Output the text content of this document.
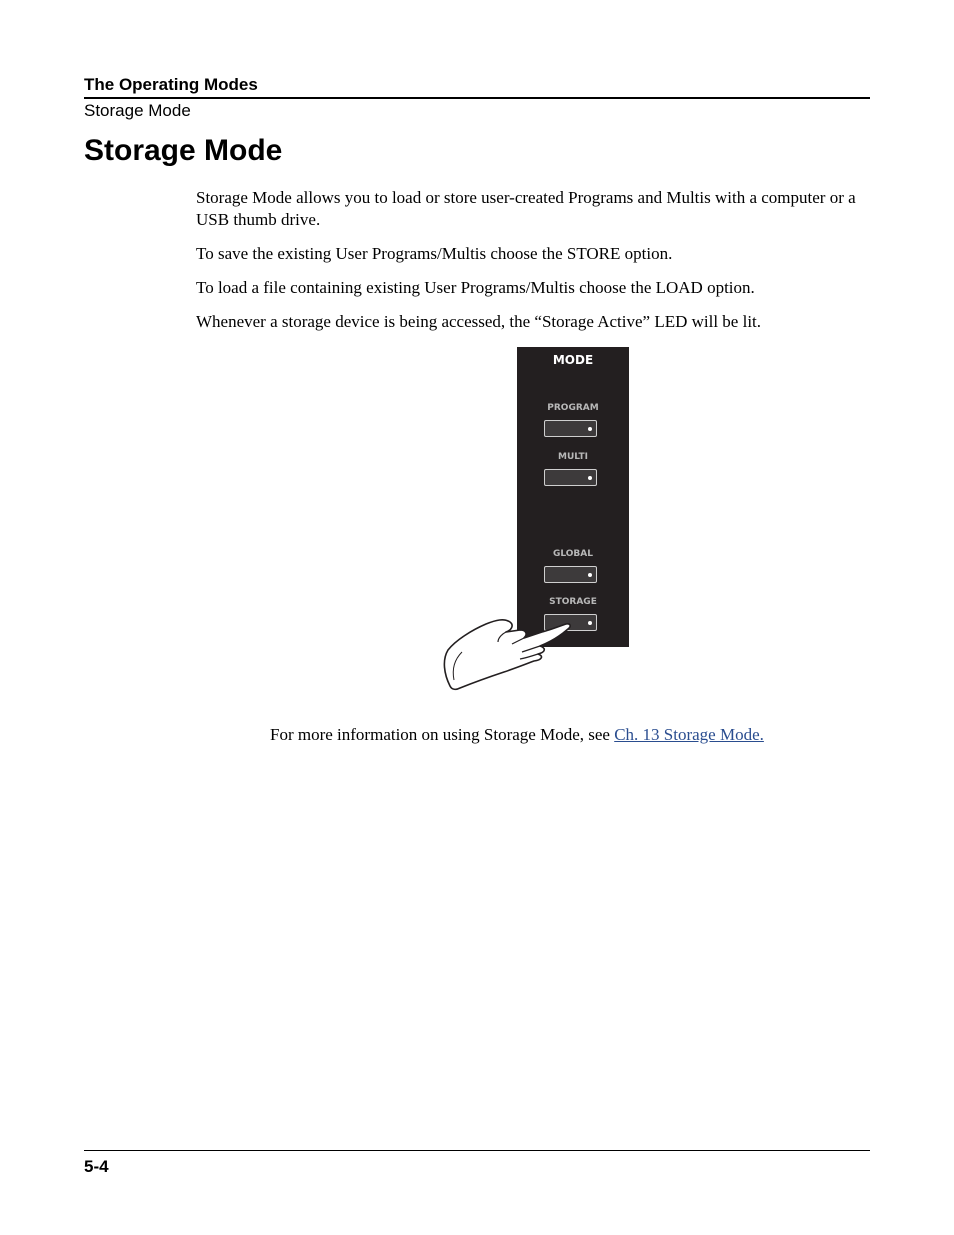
The Operating Modes
Storage Mode
Storage Mode

Storage Mode allows you to load or store user-created Programs and Multis with a computer or a USB thumb drive.

To save the existing User Programs/Multis choose the STORE option.

To load a file containing existing User Programs/Multis choose the LOAD option.

Whenever a storage device is being accessed, the “Storage Active” LED will be lit.

MODE
PROGRAM
MULTI
GLOBAL
STORAGE

For more information on using Storage Mode, see Ch. 13 Storage Mode.

5-4
